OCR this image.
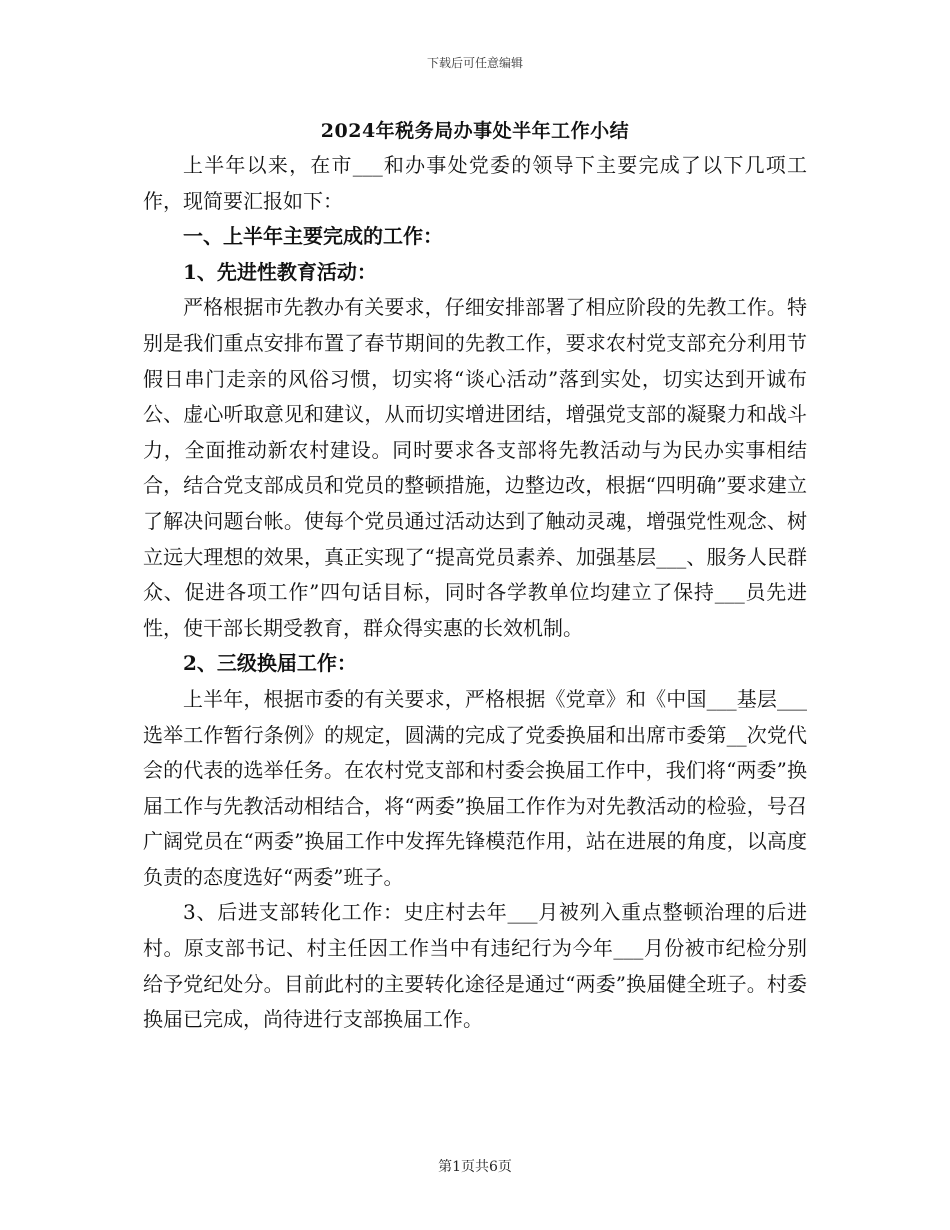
下载后可任意编辑
2024年税务局办事处半年工作小结

上半年以来，在市___和办事处党委的领导下主要完成了以下几项工作，现简要汇报如下：

一、上半年主要完成的工作：

1、先进性教育活动：

严格根据市先教办有关要求，仔细安排部署了相应阶段的先教工作。特别是我们重点安排布置了春节期间的先教工作，要求农村党支部充分利用节假日串门走亲的风俗习惯，切实将“谈心活动”落到实处，切实达到开诚布公、虚心听取意见和建议，从而切实增进团结，增强党支部的凝聚力和战斗力，全面推动新农村建设。同时要求各支部将先教活动与为民办实事相结合，结合党支部成员和党员的整顿措施，边整边改，根据“四明确”要求建立了解决问题台帐。使每个党员通过活动达到了触动灵魂，增强党性观念、树立远大理想的效果，真正实现了“提高党员素养、加强基层___、服务人民群众、促进各项工作”四句话目标，同时各学教单位均建立了保持___员先进性，使干部长期受教育，群众得实惠的长效机制。

2、三级换届工作：

上半年，根据市委的有关要求，严格根据《党章》和《中国___基层___选举工作暂行条例》的规定，圆满的完成了党委换届和出席市委第__次党代会的代表的选举任务。在农村党支部和村委会换届工作中，我们将“两委”换届工作与先教活动相结合，将“两委”换届工作作为对先教活动的检验，号召广阔党员在“两委”换届工作中发挥先锋模范作用，站在进展的角度，以高度负责的态度选好“两委”班子。

3、后进支部转化工作：史庄村去年___月被列入重点整顿治理的后进村。原支部书记、村主任因工作当中有违纪行为今年___月份被市纪检分别给予党纪处分。目前此村的主要转化途径是通过“两委”换届健全班子。村委换届已完成，尚待进行支部换届工作。

第1页共6页
